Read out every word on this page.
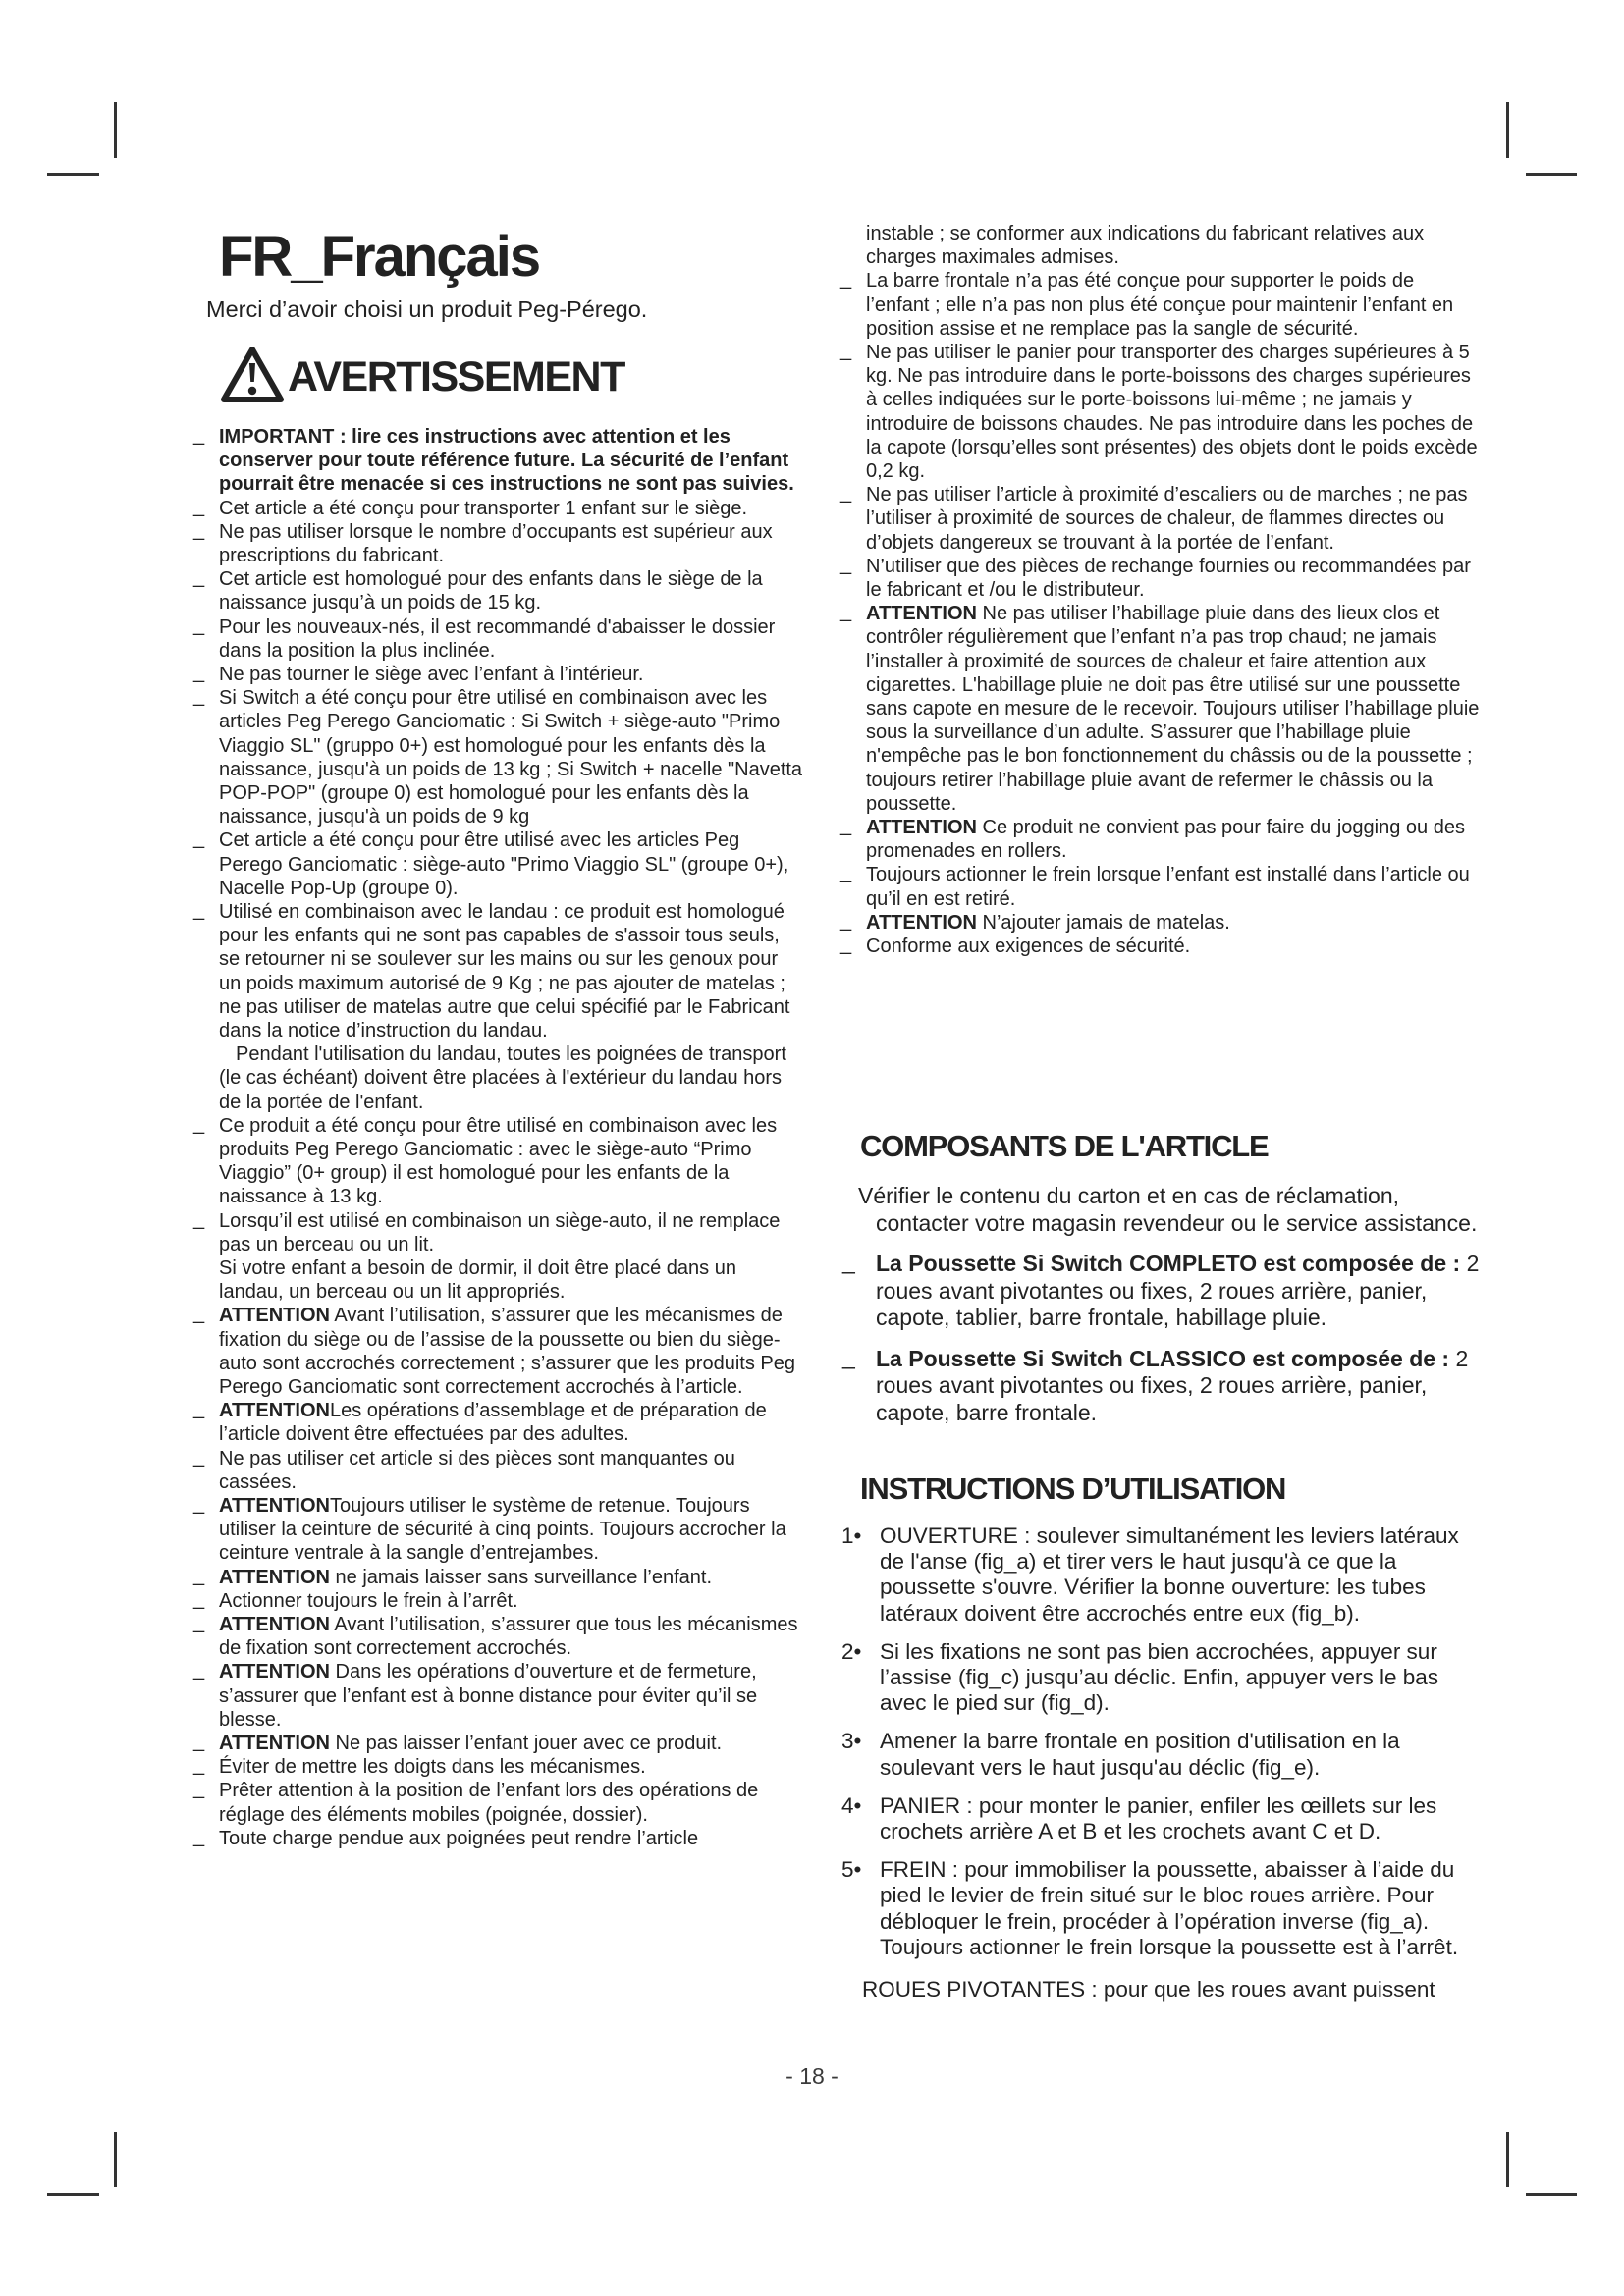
FR_Français
Merci d’avoir choisi un produit Peg-Pérego.
AVERTISSEMENT
_ IMPORTANT : lire ces instructions avec attention et les conserver pour toute référence future. La sécurité de l’enfant pourrait être menacée si ces instructions ne sont pas suivies.
_ Cet article a été conçu pour transporter 1 enfant sur le siège.
_ Ne pas utiliser lorsque le nombre d’occupants est supérieur aux prescriptions du fabricant.
_ Cet article est homologué pour des enfants dans le siège de la naissance jusqu’à un poids de 15 kg.
_ Pour les nouveaux-nés, il est recommandé d'abaisser le dossier dans la position la plus inclinée.
_ Ne pas tourner le siège avec l’enfant à l’intérieur.
_ Si Switch a été conçu pour être utilisé en combinaison avec les articles Peg Perego Ganciomatic : Si Switch + siège-auto "Primo Viaggio SL" (gruppo 0+) est homologué pour les enfants dès la naissance, jusqu'à un poids de 13 kg ; Si Switch + nacelle "Navetta POP-POP" (groupe 0) est homologué pour les enfants dès la naissance, jusqu'à un poids de 9 kg
_ Cet article a été conçu pour être utilisé avec les articles Peg Perego Ganciomatic : siège-auto "Primo Viaggio SL" (groupe 0+), Nacelle Pop-Up (groupe 0).
_ Utilisé en combinaison avec le landau : ce produit est homologué pour les enfants qui ne sont pas capables de s'assoir tous seuls, se retourner ni se soulever sur les mains ou sur les genoux pour un poids maximum autorisé de 9 Kg ; ne pas ajouter de matelas ; ne pas utiliser de matelas autre que celui spécifié par le Fabricant dans la notice d’instruction du landau.
Pendant l'utilisation du landau, toutes les poignées de transport (le cas échéant) doivent être placées à l'extérieur du landau hors de la portée de l'enfant.
_ Ce produit a été conçu pour être utilisé en combinaison avec les produits Peg Perego Ganciomatic : avec le siège-auto “Primo Viaggio” (0+ group) il est homologué pour les enfants de la naissance à 13 kg.
_ Lorsqu’il est utilisé en combinaison un siège-auto, il ne remplace pas un berceau ou un lit.
Si votre enfant a besoin de dormir, il doit être placé dans un landau, un berceau ou un lit appropriés.
_ ATTENTION Avant l’utilisation, s’assurer que les mécanismes de fixation du siège ou de l’assise de la poussette ou bien du siège-auto sont accrochés correctement ; s’assurer que les produits Peg Perego Ganciomatic sont correctement accrochés à l’article.
_ ATTENTIONLes opérations d’assemblage et de préparation de l’article doivent être effectuées par des adultes.
_ Ne pas utiliser cet article si des pièces sont manquantes ou cassées.
_ ATTENTIONToujours utiliser le système de retenue. Toujours utiliser la ceinture de sécurité à cinq points. Toujours accrocher la ceinture ventrale à la sangle d’entrejambes.
_ ATTENTION ne jamais laisser sans surveillance l’enfant.
_ Actionner toujours le frein à l’arrêt.
_ ATTENTION Avant l’utilisation, s’assurer que tous les mécanismes de fixation sont correctement accrochés.
_ ATTENTION Dans les opérations d’ouverture et de fermeture, s’assurer que l’enfant est à bonne distance pour éviter qu’il se blesse.
_ ATTENTION Ne pas laisser l’enfant jouer avec ce produit.
_ Éviter de mettre les doigts dans les mécanismes.
_ Prêter attention à la position de l’enfant lors des opérations de réglage des éléments mobiles (poignée, dossier).
_ Toute charge pendue aux poignées peut rendre l’article
instable ; se conformer aux indications du fabricant relatives aux charges maximales admises.
_ La barre frontale n’a pas été conçue pour supporter le poids de l’enfant ; elle n’a pas non plus été conçue pour maintenir l’enfant en position assise et ne remplace pas la sangle de sécurité.
_ Ne pas utiliser le panier pour transporter des charges supérieures à 5 kg. Ne pas introduire dans le porte-boissons des charges supérieures à celles indiquées sur le porte-boissons lui-même ; ne jamais y introduire de boissons chaudes. Ne pas introduire dans les poches de la capote (lorsqu’elles sont présentes) des objets dont le poids excède 0,2 kg.
_ Ne pas utiliser l’article à proximité d’escaliers ou de marches ; ne pas l’utiliser à proximité de sources de chaleur, de flammes directes ou d’objets dangereux se trouvant à la portée de l’enfant.
_ N’utiliser que des pièces de rechange fournies ou recommandées par le fabricant et /ou le distributeur.
_ ATTENTION Ne pas utiliser l’habillage pluie dans des lieux clos et contrôler régulièrement que l’enfant n’a pas trop chaud; ne jamais l’installer à proximité de sources de chaleur et faire attention aux cigarettes. L'habillage pluie ne doit pas être utilisé sur une poussette sans capote en mesure de le recevoir. Toujours utiliser l’habillage pluie sous la surveillance d’un adulte. S’assurer que l’habillage pluie n'empêche pas le bon fonctionnement du châssis ou de la poussette ; toujours retirer l’habillage pluie avant de refermer le châssis ou la poussette.
_ ATTENTION Ce produit ne convient pas pour faire du jogging ou des promenades en rollers.
_ Toujours actionner le frein lorsque l’enfant est installé dans l’article ou qu’il en est retiré.
_ ATTENTION N’ajouter jamais de matelas.
_ Conforme aux exigences de sécurité.
COMPOSANTS DE L'ARTICLE
Vérifier le contenu du carton et en cas de réclamation, contacter votre magasin revendeur ou le service assistance.
_ La Poussette Si Switch COMPLETO est composée de : 2 roues avant pivotantes ou fixes, 2 roues arrière, panier, capote, tablier, barre frontale, habillage pluie.
_ La Poussette Si Switch CLASSICO est composée de : 2 roues avant pivotantes ou fixes, 2 roues arrière, panier, capote, barre frontale.
INSTRUCTIONS D’UTILISATION
1• OUVERTURE : soulever simultanément les leviers latéraux de l'anse (fig_a) et tirer vers le haut jusqu'à ce que la poussette s'ouvre. Vérifier la bonne ouverture: les tubes latéraux doivent être accrochés entre eux (fig_b).
2• Si les fixations ne sont pas bien accrochées, appuyer sur l’assise (fig_c) jusqu’au déclic. Enfin, appuyer vers le bas avec le pied sur (fig_d).
3• Amener la barre frontale en position d'utilisation en la soulevant vers le haut jusqu'au déclic (fig_e).
4• PANIER : pour monter le panier, enfiler les œillets sur les crochets arrière A et B et les crochets avant C et D.
5• FREIN : pour immobiliser la poussette, abaisser à l’aide du pied le levier de frein situé sur le bloc roues arrière. Pour débloquer le frein, procéder à l’opération inverse (fig_a). Toujours actionner le frein lorsque la poussette est à l’arrêt.
ROUES PIVOTANTES : pour que les roues avant puissent
- 18 -
